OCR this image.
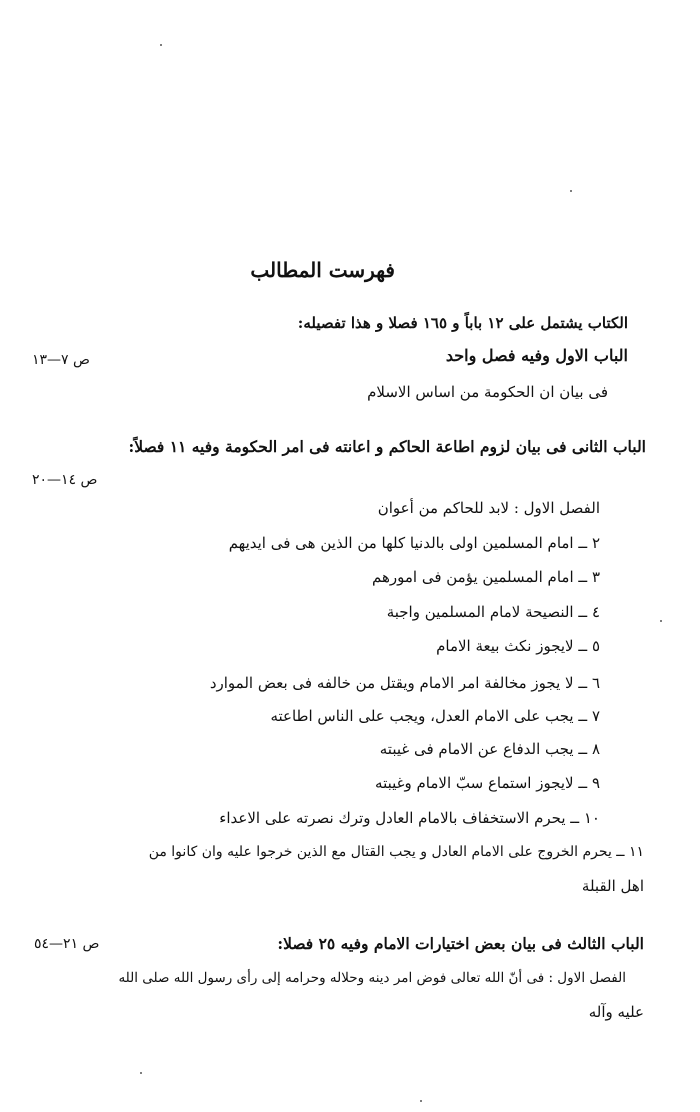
فهرست المطالب
الكتاب يشتمل على ١٢ باباً و ١٦٥ فصلا و هذا تفصيله:
الباب الاول وفيه فصل واحد
ص ٧—١٣
فى بيان ان الحكومة من اساس الاسلام
الباب الثانى فى بيان لزوم اطاعة الحاكم و اعانته فى امر الحكومة وفيه ١١ فصلاً:
ص ١٤—٢٠
الفصل الاول : لابد للحاكم من أعوان
٢ ــ امام المسلمين اولى بالدنيا كلها من الذين هى فى ايديهم
٣ ــ امام المسلمين يؤمن فى امورهم
٤ ــ النصيحة لامام المسلمين واجبة
٥ ــ لايجوز نكث بيعة الامام
٦ ــ لا يجوز مخالفة امر الامام ويقتل من خالفه فى بعض الموارد
٧ ــ يجب على الامام العدل، ويجب على الناس اطاعته
٨ ــ يجب الدفاع عن الامام فى غيبته
٩ ــ لايجوز استماع سبّ الامام وغيبته
١٠ ــ يحرم الاستخفاف بالامام العادل وترك نصرته على الاعداء
١١ ــ يحرم الخروج على الامام العادل و يجب القتال مع الذين خرجوا عليه وان كانوا من
اهل القبلة
الباب الثالث فى بيان بعض اختيارات الامام وفيه ٢٥ فصلا:
ص ٢١—٥٤
الفصل الاول : فى أنّ الله تعالى فوض امر دينه وحلاله وحرامه إلى رأى رسول الله صلى الله
عليه وآله
